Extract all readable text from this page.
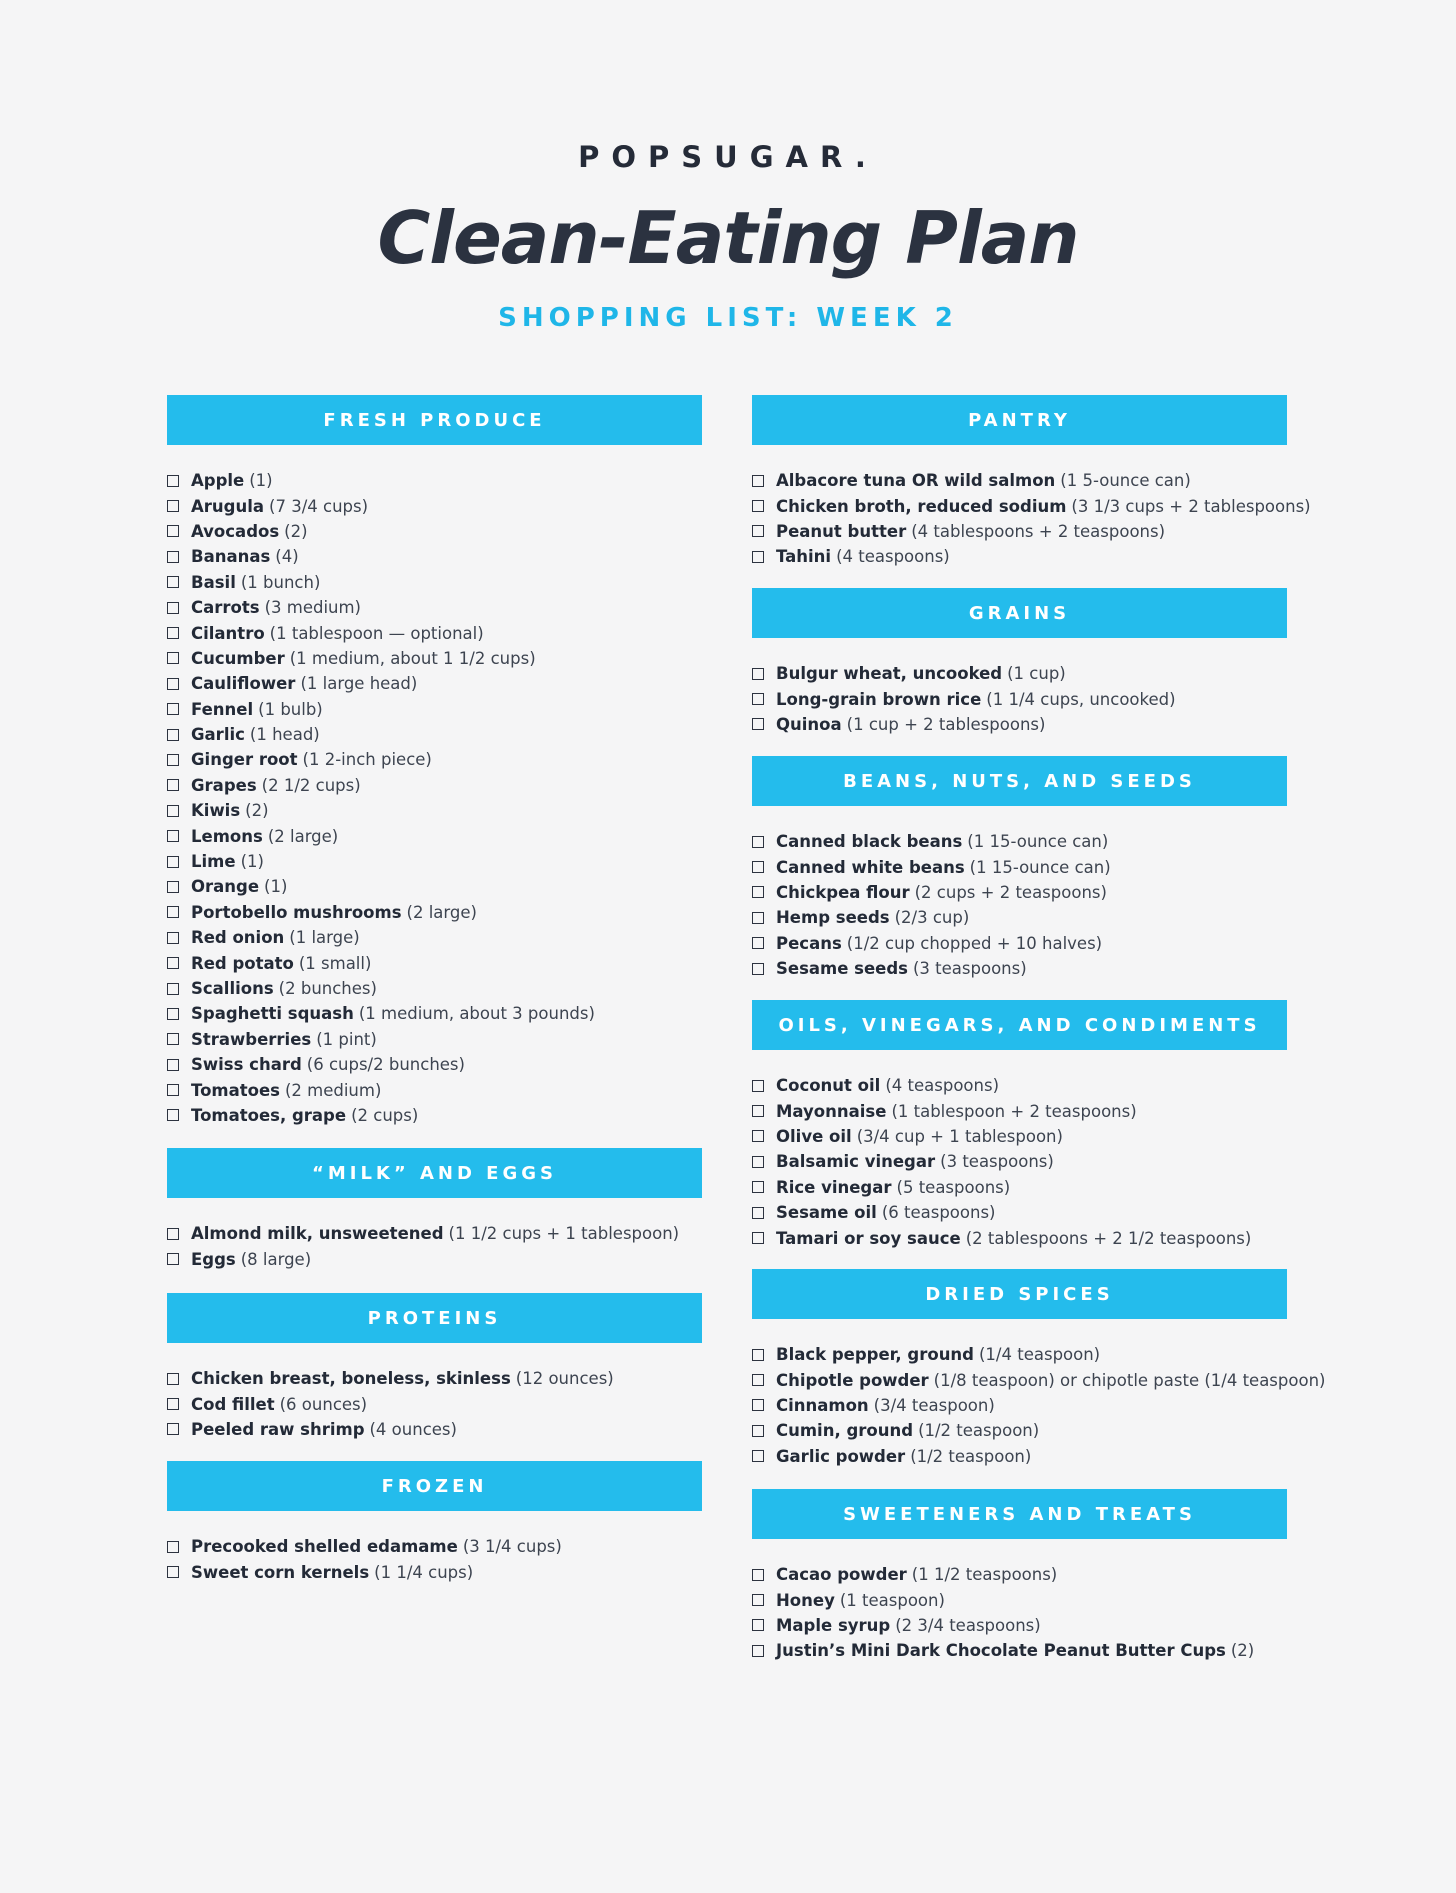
POPSUGAR.
Clean-Eating Plan
SHOPPING LIST: WEEK 2
FRESH PRODUCE
Apple (1)
Arugula (7 3/4 cups)
Avocados (2)
Bananas (4)
Basil (1 bunch)
Carrots (3 medium)
Cilantro (1 tablespoon — optional)
Cucumber (1 medium, about 1 1/2 cups)
Cauliflower (1 large head)
Fennel (1 bulb)
Garlic (1 head)
Ginger root (1 2-inch piece)
Grapes (2 1/2 cups)
Kiwis (2)
Lemons (2 large)
Lime (1)
Orange (1)
Portobello mushrooms (2 large)
Red onion (1 large)
Red potato (1 small)
Scallions (2 bunches)
Spaghetti squash (1 medium, about 3 pounds)
Strawberries (1 pint)
Swiss chard (6 cups/2 bunches)
Tomatoes (2 medium)
Tomatoes, grape (2 cups)
“MILK” AND EGGS
Almond milk, unsweetened (1 1/2 cups + 1 tablespoon)
Eggs (8 large)
PROTEINS
Chicken breast, boneless, skinless (12 ounces)
Cod fillet (6 ounces)
Peeled raw shrimp (4 ounces)
FROZEN
Precooked shelled edamame (3 1/4 cups)
Sweet corn kernels (1 1/4 cups)
PANTRY
Albacore tuna OR wild salmon (1 5-ounce can)
Chicken broth, reduced sodium (3 1/3 cups + 2 tablespoons)
Peanut butter (4 tablespoons + 2 teaspoons)
Tahini (4 teaspoons)
GRAINS
Bulgur wheat, uncooked (1 cup)
Long-grain brown rice (1 1/4 cups, uncooked)
Quinoa (1 cup + 2 tablespoons)
BEANS, NUTS, AND SEEDS
Canned black beans (1 15-ounce can)
Canned white beans (1 15-ounce can)
Chickpea flour (2 cups + 2 teaspoons)
Hemp seeds (2/3 cup)
Pecans (1/2 cup chopped + 10 halves)
Sesame seeds (3 teaspoons)
OILS, VINEGARS, AND CONDIMENTS
Coconut oil (4 teaspoons)
Mayonnaise (1 tablespoon + 2 teaspoons)
Olive oil (3/4 cup + 1 tablespoon)
Balsamic vinegar (3 teaspoons)
Rice vinegar (5 teaspoons)
Sesame oil (6 teaspoons)
Tamari or soy sauce (2 tablespoons + 2 1/2 teaspoons)
DRIED SPICES
Black pepper, ground (1/4 teaspoon)
Chipotle powder (1/8 teaspoon) or chipotle paste (1/4 teaspoon)
Cinnamon (3/4 teaspoon)
Cumin, ground (1/2 teaspoon)
Garlic powder (1/2 teaspoon)
SWEETENERS AND TREATS
Cacao powder (1 1/2 teaspoons)
Honey (1 teaspoon)
Maple syrup (2 3/4 teaspoons)
Justin’s Mini Dark Chocolate Peanut Butter Cups (2)
